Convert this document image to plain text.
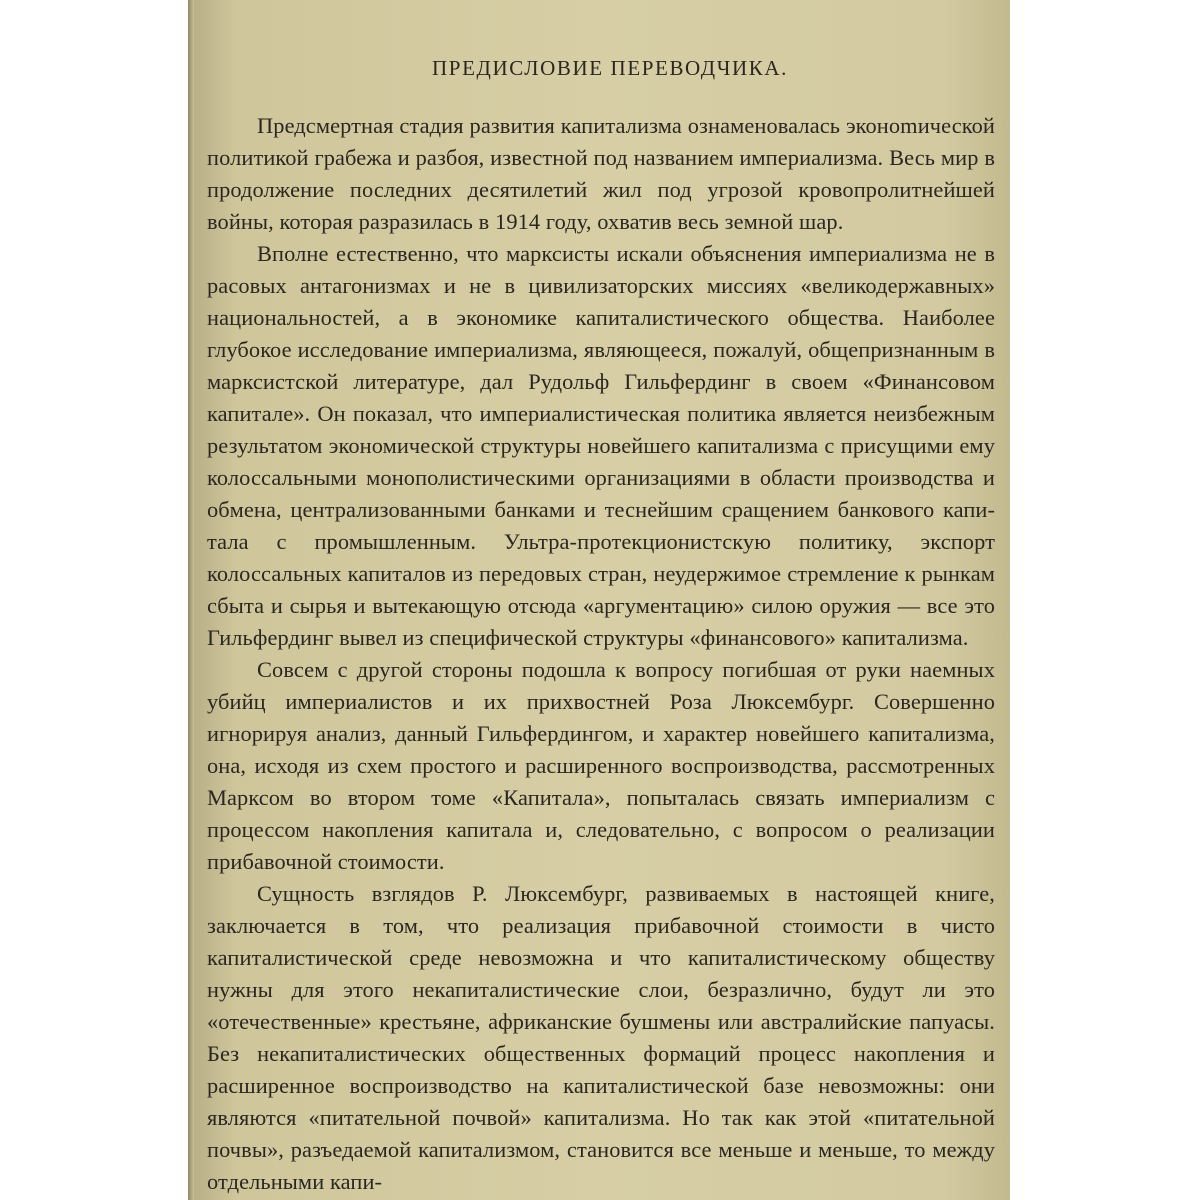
ПРЕДИСЛОВИЕ ПЕРЕВОДЧИКА.

Предсмертная стадия развития капитализма ознаменовалась эконоmической политикой грабежа и разбоя, известной под названием империализма. Весь мир в продолжение последних десятилетий жил под угрозой кровопролитнейшей войны, которая разразилась в 1914 году, охватив весь земной шар.

Вполне естественно, что марксисты искали объяснения империализма не в расовых антагонизмах и не в цивилизаторских миссиях «великодержавных» национальностей, а в экономике капиталистического общества. Наиболее глубокое исследование империализма, являющееся, пожалуй, общепризнанным в марксистской литературе, дал Рудольф Гильфердинг в своем «Финансовом капитале». Он показал, что империалистическая политика является неизбежным результатом экономической структуры новейшего капитализма с присущими ему колоссальными монополистическими организациями в области производства и обмена, централизованными банками и теснейшим сращением банкового капитала с промышленным. Ультра-протекционистскую политику, экспорт колоссальных капиталов из передовых стран, неудержимое стремление к рынкам сбыта и сырья и вытекающую отсюда «аргументацию» силою оружия — все это Гильфердинг вывел из специфической структуры «финансового» капитализма.

Совсем с другой стороны подошла к вопросу погибшая от руки наемных убийц империалистов и их прихвостней Роза Люксембург. Совершенно игнорируя анализ, данный Гильфердингом, и характер новейшего капитализма, она, исходя из схем простого и расширенного воспроизводства, рассмотренных Марксом во втором томе «Капитала», попыталась связать империализм с процессом накопления капитала и, следовательно, с вопросом о реализации прибавочной стоимости.

Сущность взглядов Р. Люксембург, развиваемых в настоящей книге, заключается в том, что реализация прибавочной стоимости в чисто капиталистической среде невозможна и что капиталистическому обществу нужны для этого некапиталистические слои, безразлично, будут ли это «отечественные» крестьяне, африканские бушмены или австралийские папуасы. Без некапиталистических общественных формаций процесс накопления и расширенное воспроизводство на капиталистической базе невозможны: они являются «питательной почвой» капитализма. Но так как этой «питательной почвы», разъедаемой капитализмом, становится все меньше и меньше, то между отдельными капи-
